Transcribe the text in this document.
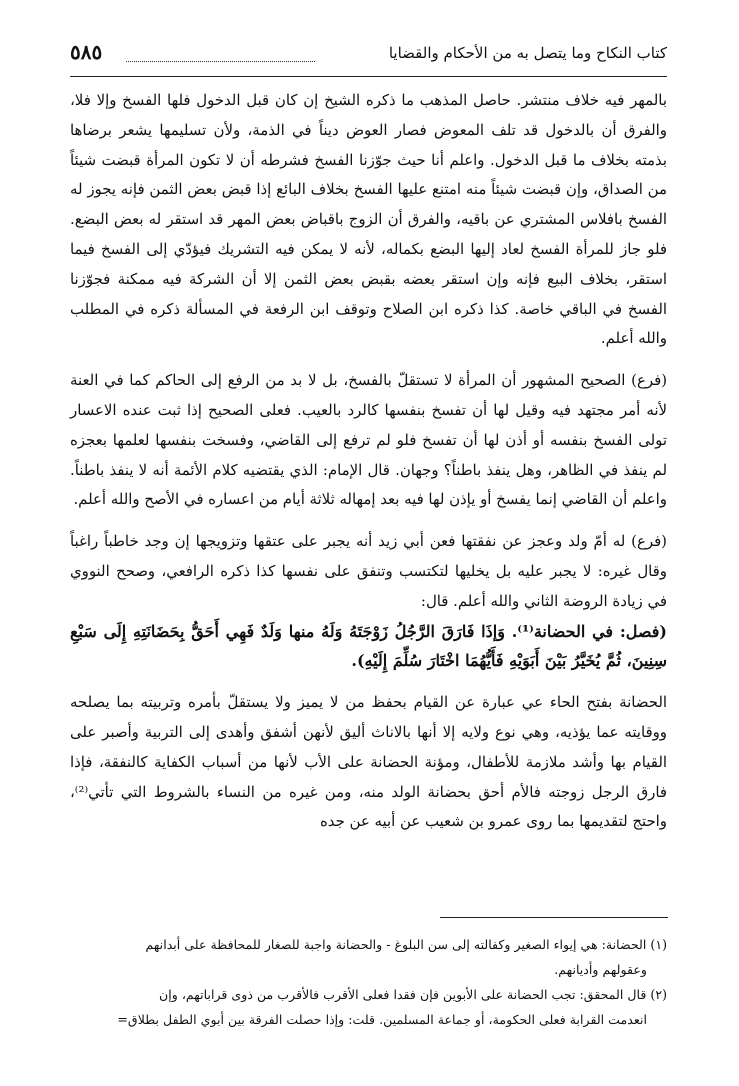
كتاب النكاح وما يتصل به من الأحكام والقضايا
٥٨٥

بالمهر فيه خلاف منتشر. حاصل المذهب ما ذكره الشيخ إن كان قبل الدخول فلها الفسخ وإلا فلا، والفرق أن بالدخول قد تلف المعوض فصار العوض ديناً في الذمة، ولأن تسليمها يشعر برضاها بذمته بخلاف ما قبل الدخول. واعلم أنا حيث جوّزنا الفسخ فشرطه أن لا تكون المرأة قبضت شيئاً من الصداق، وإن قبضت شيئاً منه امتنع عليها الفسخ بخلاف البائع إذا قبض بعض الثمن فإنه يجوز له الفسخ بافلاس المشتري عن باقيه، والفرق أن الزوج باقباض بعض المهر قد استقر له بعض البضع. فلو جاز للمرأة الفسخ لعاد إليها البضع بكماله، لأنه لا يمكن فيه التشريك فيؤدّي إلى الفسخ فيما استقر، بخلاف البيع فإنه وإن استقر بعضه بقبض بعض الثمن إلا أن الشركة فيه ممكنة فجوّزنا الفسخ في الباقي خاصة. كذا ذكره ابن الصلاح وتوقف ابن الرفعة في المسألة ذكره في المطلب والله أعلم.

(فرع) الصحيح المشهور أن المرأة لا تستقلّ بالفسخ، بل لا بد من الرفع إلى الحاكم كما في العنة لأنه أمر مجتهد فيه وقيل لها أن تفسخ بنفسها كالرد بالعيب. فعلى الصحيح إذا ثبت عنده الاعسار تولى الفسخ بنفسه أو أذن لها أن تفسخ فلو لم ترفع إلى القاضي، وفسخت بنفسها لعلمها بعجزه لم ينفذ في الظاهر، وهل ينفذ باطناً؟ وجهان. قال الإمام: الذي يقتضيه كلام الأئمة أنه لا ينفذ باطناً. واعلم أن القاضي إنما يفسخ أو يإذن لها فيه بعد إمهاله ثلاثة أيام من اعساره في الأصح والله أعلم.

(فرع) له أمّ ولد وعجز عن نفقتها فعن أبي زيد أنه يجبر على عتقها وتزويجها إن وجد خاطباً راغباً وقال غيره: لا يجبر عليه بل يخليها لتكتسب وتنفق على نفسها كذا ذكره الرافعي، وصحح النووي في زيادة الروضة الثاني والله أعلم. قال:

(فصل: في الحضانة⁽¹⁾. وَإذَا فَارَقَ الرَّجُلُ زَوْجَتَهُ وَلَهُ منها وَلَدٌ فَهِي أَحَقُّ بِحَضَانَتِهِ إِلَى سَبْعِ سِنِينَ، ثُمَّ يُخَيَّرُ بَيْنَ أَبَوَيْهِ فَأَيُّهُمَا اخْتَارَ سُلِّمَ إِلَيْهِ).

الحضانة بفتح الحاء عي عبارة عن القيام بحفظ من لا يميز ولا يستقلّ بأمره وتربيته بما يصلحه ووقايته عما يؤذيه، وهي نوع ولايه إلا أنها بالاناث أليق لأنهن أشفق وأهدى إلى التربية وأصبر على القيام بها وأشد ملازمة للأطفال، ومؤنة الحضانة على الأب لأنها من أسباب الكفاية كالنفقة، فإذا فارق الرجل زوجته فالأم أحق بحضانة الولد منه، ومن غيره من النساء بالشروط التي تأتي⁽²⁾، واحتج لتقديمها بما روى عمرو بن شعيب عن أبيه عن جده

(١) الحضانة: هي إيواء الصغير وكفالته إلى سن البلوغ - والحضانة واجبة للصغار للمحافظة على أبدانهم

وعقولهم وأديانهم.

(٢) قال المحقق: تجب الحضانة على الأبوين فإن فقدا فعلى الأقرب فالأقرب من ذوى قراباتهم، وإن

انعدمت القرابة فعلى الحكومة، أو جماعة المسلمين. قلت: وإذا حصلت الفرقة بين أبوي الطفل بطلاق=
